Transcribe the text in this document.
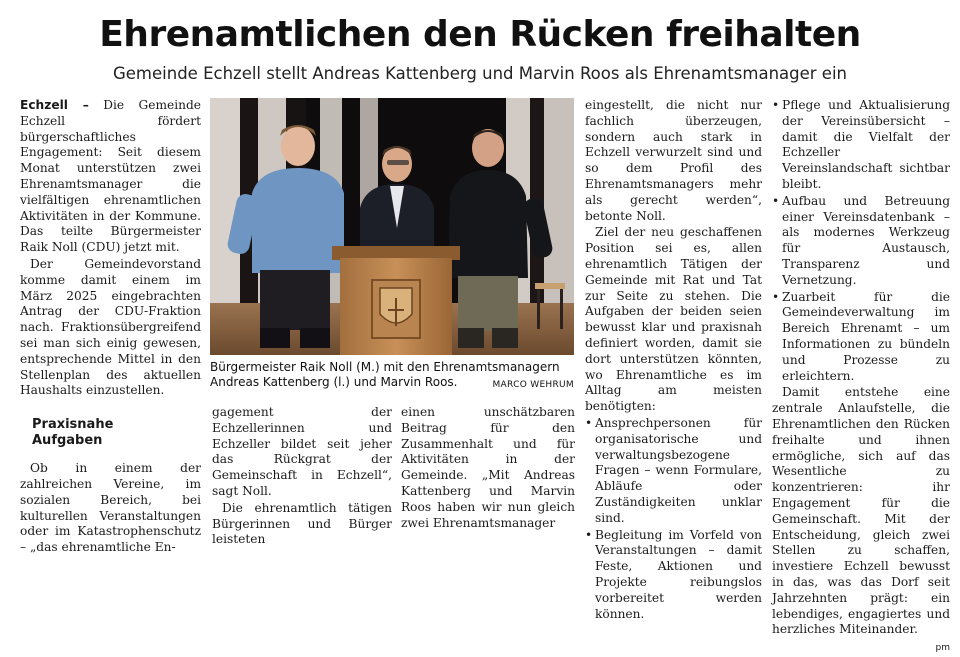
Ehrenamtlichen den Rücken freihalten
Gemeinde Echzell stellt Andreas Kattenberg und Marvin Roos als Ehrenamtsmanager ein

Echzell – Die Gemeinde Echzell fördert bürgerschaftliches Engagement: Seit diesem Monat unterstützen zwei Ehrenamtsmanager die vielfältigen ehrenamtlichen Aktivitäten in der Kommune. Das teilte Bürgermeister Raik Noll (CDU) jetzt mit.

Der Gemeindevorstand komme damit einem im März 2025 eingebrachten Antrag der CDU-Fraktion nach. Fraktionsübergreifend sei man sich einig gewesen, entsprechende Mittel in den Stellenplan des aktuellen Haushalts einzustellen.

Praxisnahe
Aufgaben

Ob in einem der zahlreichen Vereine, im sozialen Bereich, bei kulturellen Veranstaltungen oder im Katastrophenschutz – „das ehrenamtliche En-

Bürgermeister Raik Noll (M.) mit den Ehrenamtsmanagern Andreas Kattenberg (l.) und Marvin Roos.	MARCO WEHRUM

gagement der Echzellerinnen und Echzeller bildet seit jeher das Rückgrat der Gemeinschaft in Echzell“, sagt Noll.

Die ehrenamtlich tätigen Bürgerinnen und Bürger leisteten

einen unschätzbaren Beitrag für den Zusammenhalt und für Aktivitäten in der Gemeinde. „Mit Andreas Kattenberg und Marvin Roos haben wir nun gleich zwei Ehrenamtsmanager

eingestellt, die nicht nur fachlich überzeugen, sondern auch stark in Echzell verwurzelt sind und so dem Profil des Ehrenamtsmanagers mehr als gerecht werden“, betonte Noll.

Ziel der neu geschaffenen Position sei es, allen ehrenamtlich Tätigen der Gemeinde mit Rat und Tat zur Seite zu stehen. Die Aufgaben der beiden seien bewusst klar und praxisnah definiert worden, damit sie dort unterstützen könnten, wo Ehrenamtliche es im Alltag am meisten benötigten:

• Ansprechpersonen für organisatorische und verwaltungsbezogene Fragen – wenn Formulare, Abläufe oder Zuständigkeiten unklar sind.

• Begleitung im Vorfeld von Veranstaltungen – damit Feste, Aktionen und Projekte reibungslos vorbereitet werden können.

• Pflege und Aktualisierung der Vereinsübersicht – damit die Vielfalt der Echzeller Vereinslandschaft sichtbar bleibt.

• Aufbau und Betreuung einer Vereinsdatenbank – als modernes Werkzeug für Austausch, Transparenz und Vernetzung.

• Zuarbeit für die Gemeindeverwaltung im Bereich Ehrenamt – um Informationen zu bündeln und Prozesse zu erleichtern.

Damit entstehe eine zentrale Anlaufstelle, die Ehrenamtlichen den Rücken freihalte und ihnen ermögliche, sich auf das Wesentliche zu konzentrieren: ihr Engagement für die Gemeinschaft. Mit der Entscheidung, gleich zwei Stellen zu schaffen, investiere Echzell bewusst in das, was das Dorf seit Jahrzehnten prägt: ein lebendiges, engagiertes und herzliches Miteinander.

pm
